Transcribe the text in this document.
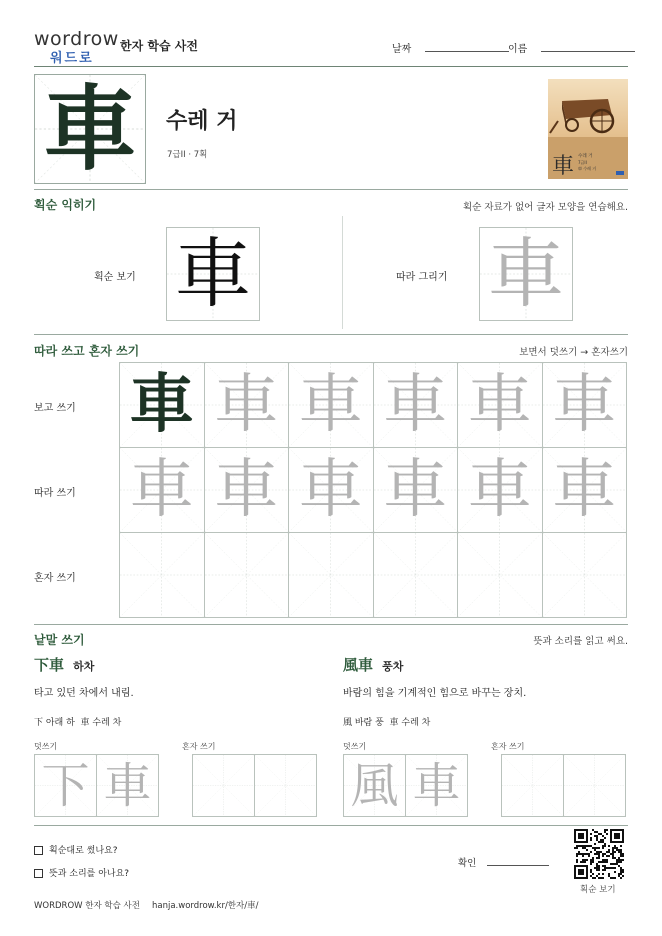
wordrow
워드로
한자 학습 사전	날짜	이름
車	수레 거
7급II · 7획	車 수레 거
7급II
車 수레 거
획순 익히기	획순 자료가 없어 글자 모양을 연습해요.
획순 보기 車	따라 그리기 車
따라 쓰고 혼자 쓰기	보면서 덧쓰기 → 혼자쓰기
보고 쓰기 車 車 車 車 車 車
따라 쓰기 車 車 車 車 車 車
혼자 쓰기
낱말 쓰기	뜻과 소리를 읽고 써요.
下車 하차
타고 있던 차에서 내림.
下 아래 하  車 수레 차
덧쓰기	혼자 쓰기
風車 풍차
바람의 힘을 기계적인 힘으로 바꾸는 장치.
風 바람 풍  車 수레 차
덧쓰기	혼자 쓰기
下 車	風 車
획순대로 썼나요?
뜻과 소리를 아나요?
확인
획순 보기
WORDROW 한자 학습 사전 hanja.wordrow.kr/한자/車/
